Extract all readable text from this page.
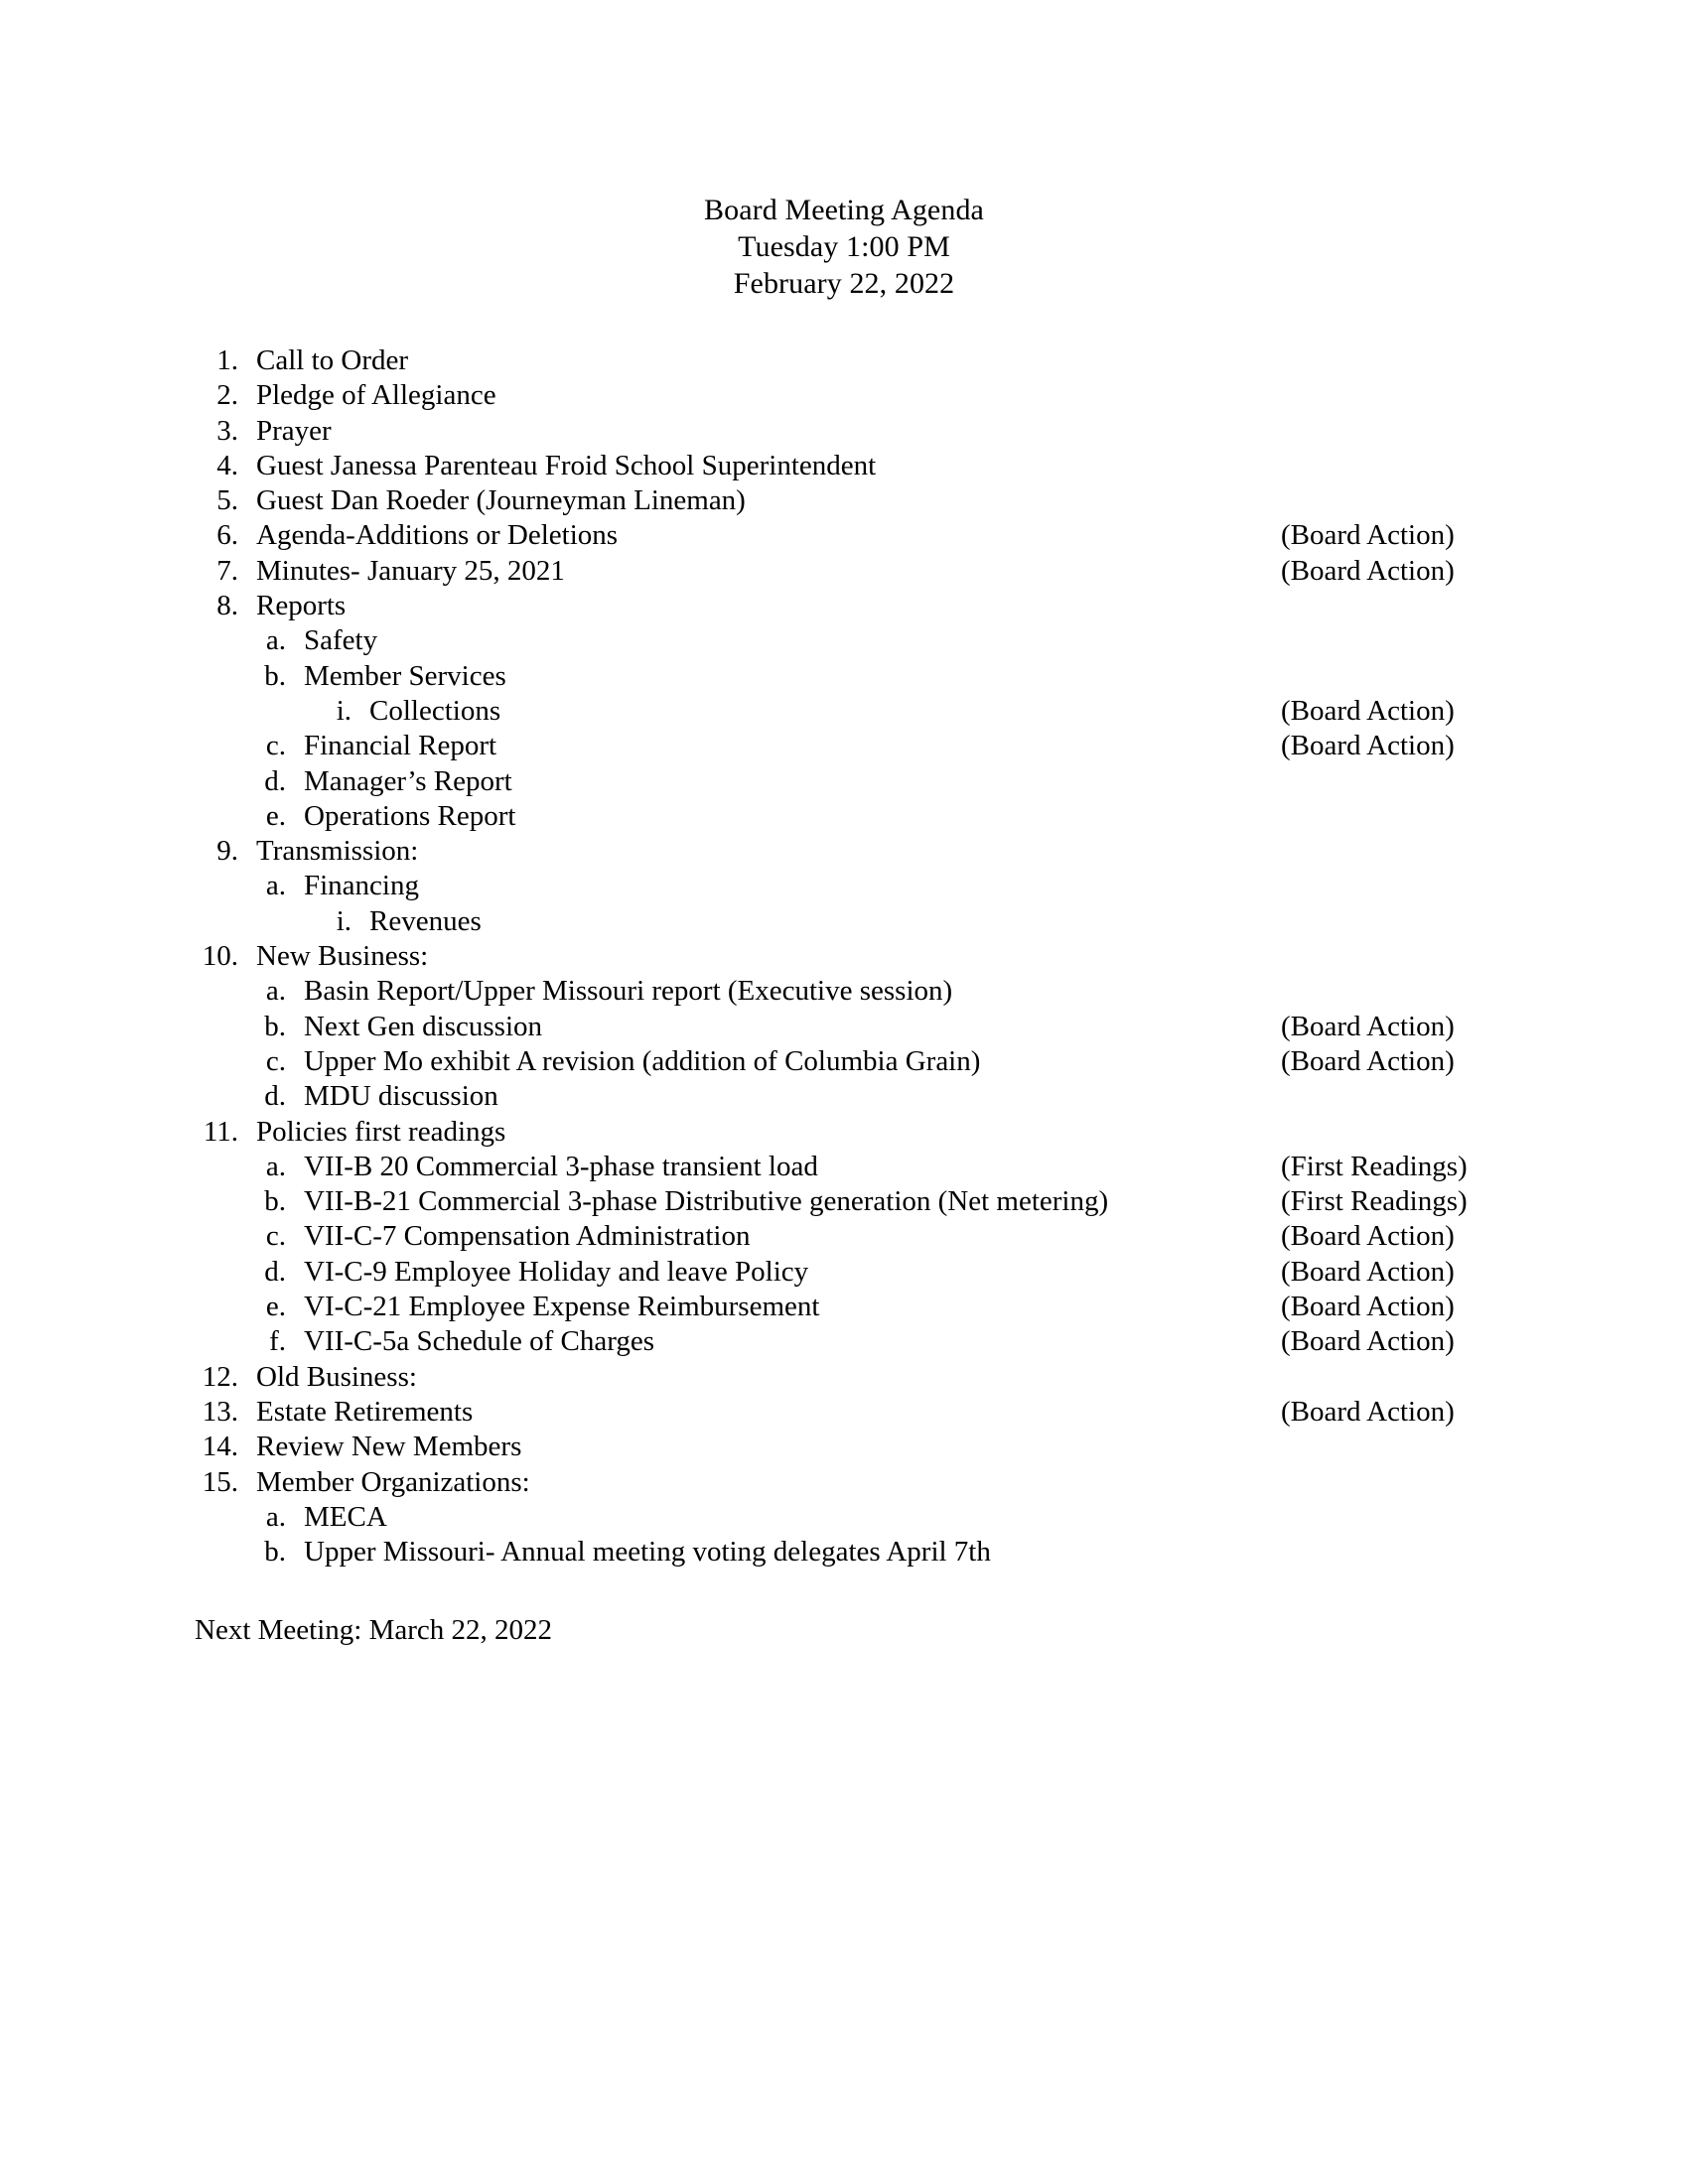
Board Meeting Agenda
Tuesday 1:00 PM
February 22, 2022
1. Call to Order
2. Pledge of Allegiance
3. Prayer
4. Guest Janessa Parenteau Froid School Superintendent
5. Guest Dan Roeder (Journeyman Lineman)
6. Agenda-Additions or Deletions	(Board Action)
7. Minutes- January 25, 2021	(Board Action)
8. Reports
a. Safety
b. Member Services
i. Collections	(Board Action)
c. Financial Report	(Board Action)
d. Manager’s Report
e. Operations Report
9. Transmission:
a. Financing
i. Revenues
10. New Business:
a. Basin Report/Upper Missouri report (Executive session)
b. Next Gen discussion	(Board Action)
c. Upper Mo exhibit A revision (addition of Columbia Grain)	(Board Action)
d. MDU discussion
11. Policies first readings
a. VII-B 20 Commercial 3-phase transient load	(First Readings)
b. VII-B-21 Commercial 3-phase Distributive generation (Net metering)	(First Readings)
c. VII-C-7 Compensation Administration	(Board Action)
d. VI-C-9 Employee Holiday and leave Policy	(Board Action)
e. VI-C-21 Employee Expense Reimbursement	(Board Action)
f. VII-C-5a Schedule of Charges	(Board Action)
12. Old Business:
13. Estate Retirements	(Board Action)
14. Review New Members
15. Member Organizations:
a. MECA
b. Upper Missouri- Annual meeting voting delegates April 7th
Next Meeting: March 22, 2022
